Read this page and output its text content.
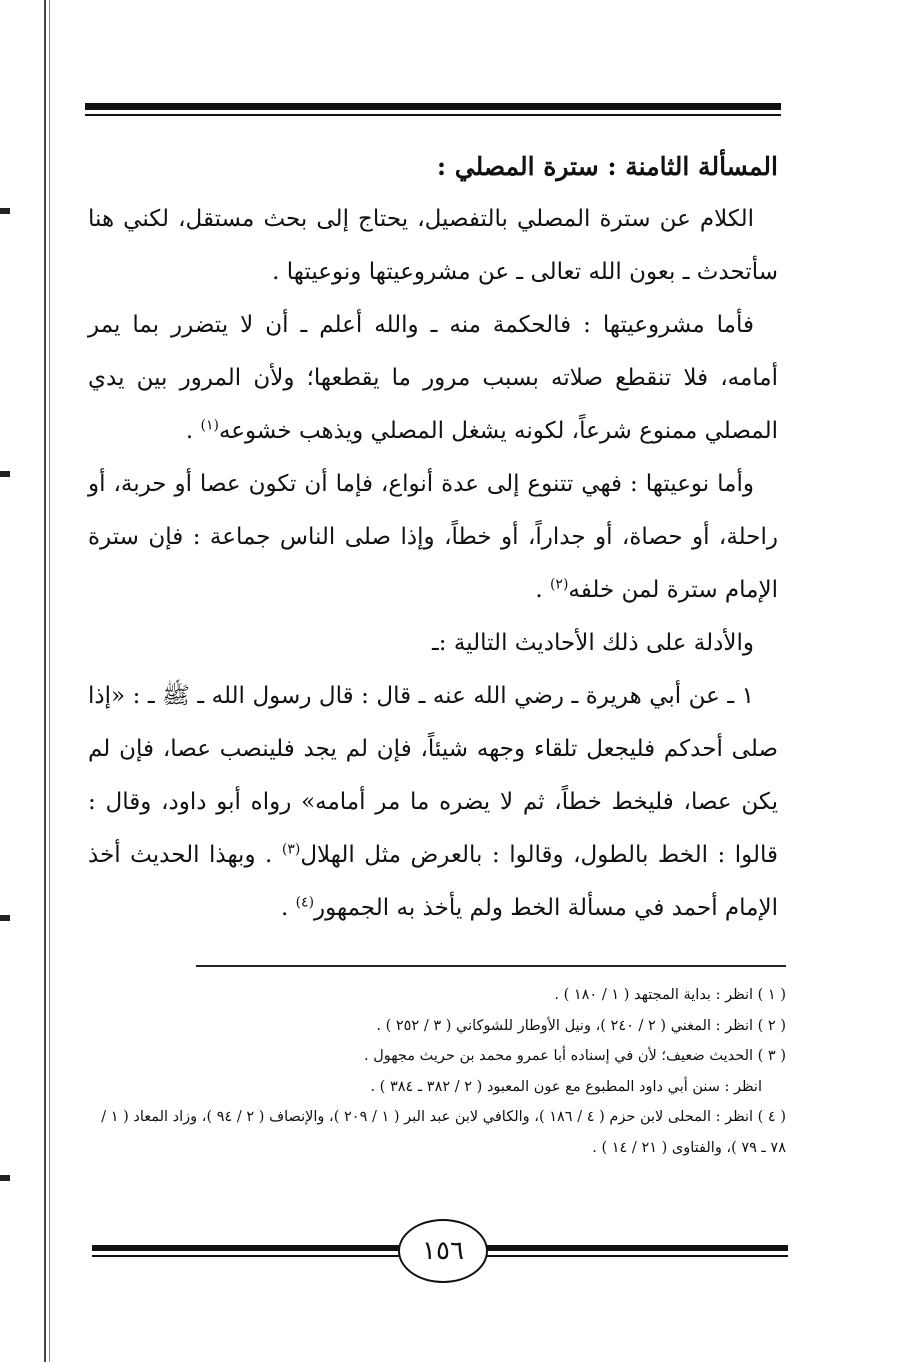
المسألة الثامنة : سترة المصلي :

الكلام عن سترة المصلي بالتفصيل، يحتاج إلى بحث مستقل، لكني هنا سأتحدث ـ بعون الله تعالى ـ عن مشروعيتها ونوعيتها .

فأما مشروعيتها : فالحكمة منه ـ والله أعلم ـ أن لا يتضرر بما يمر أمامه، فلا تنقطع صلاته بسبب مرور ما يقطعها؛ ولأن المرور بين يدي المصلي ممنوع شرعاً، لكونه يشغل المصلي ويذهب خشوعه$^{(١)}$ .

وأما نوعيتها : فهي تتنوع إلى عدة أنواع، فإما أن تكون عصا أو حربة، أو راحلة، أو حصاة، أو جداراً، أو خطاً، وإذا صلى الناس جماعة : فإن سترة الإمام سترة لمن خلفه$^{(٢)}$ .

والأدلة على ذلك الأحاديث التالية :ـ

١ ـ عن أبي هريرة ـ رضي الله عنه ـ قال : قال رسول الله ـ ﷺ ـ : «إذا صلى أحدكم فليجعل تلقاء وجهه شيئاً، فإن لم يجد فلينصب عصا، فإن لم يكن عصا، فليخط خطاً، ثم لا يضره ما مر أمامه» رواه أبو داود، وقال : قالوا : الخط بالطول، وقالوا : بالعرض مثل الهلال$^{(٣)}$ . وبهذا الحديث أخذ الإمام أحمد في مسألة الخط ولم يأخذ به الجمهور$^{(٤)}$ .

( ١ ) انظر : بداية المجتهد ( ١ / ١٨٠ ) .

( ٢ ) انظر : المغني ( ٢ / ٢٤٠ )، ونيل الأوطار للشوكاني ( ٣ / ٢٥٢ ) .

( ٣ ) الحديث ضعيف؛ لأن في إسناده أبا عمرو محمد بن حريث مجهول .

انظر : سنن أبي داود المطبوع مع عون المعبود ( ٢ / ٣٨٢ ـ ٣٨٤ ) .

( ٤ ) انظر : المحلى لابن حزم ( ٤ / ١٨٦ )، والكافي لابن عبد البر ( ١ / ٢٠٩ )، والإنصاف ( ٢ / ٩٤ )، وزاد المعاد ( ١ / ٧٨ ـ ٧٩ )، والفتاوى ( ٢١ / ١٤ ) .

١٥٦
